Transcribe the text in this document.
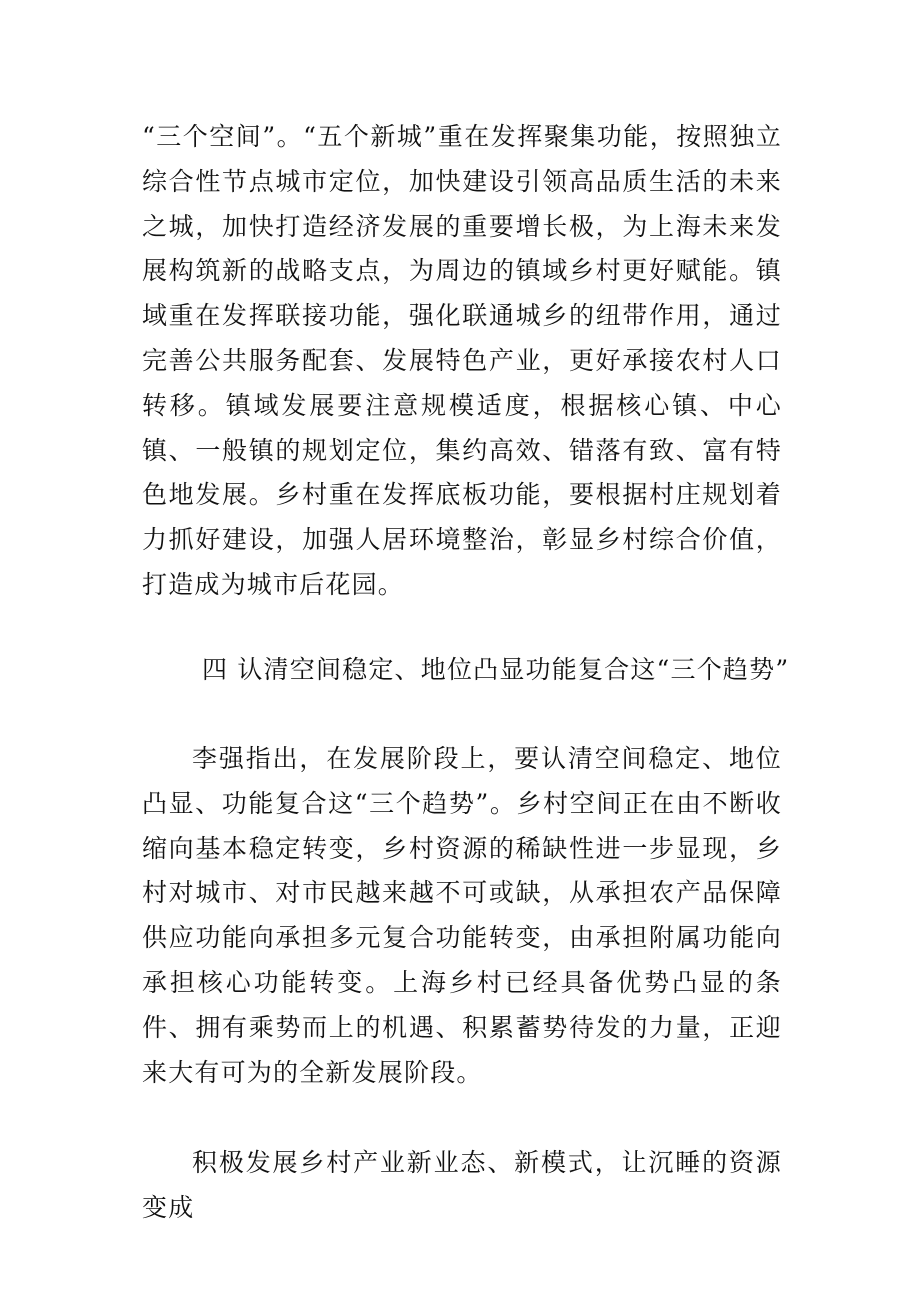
“三个空间”。“五个新城”重在发挥聚集功能，按照独立综合性节点城市定位，加快建设引领高品质生活的未来之城，加快打造经济发展的重要增长极，为上海未来发展构筑新的战略支点，为周边的镇域乡村更好赋能。镇域重在发挥联接功能，强化联通城乡的纽带作用，通过完善公共服务配套、发展特色产业，更好承接农村人口转移。镇域发展要注意规模适度，根据核心镇、中心镇、一般镇的规划定位，集约高效、错落有致、富有特色地发展。乡村重在发挥底板功能，要根据村庄规划着力抓好建设，加强人居环境整治，彰显乡村综合价值，打造成为城市后花园。

四 认清空间稳定、地位凸显功能复合这“三个趋势”

李强指出，在发展阶段上，要认清空间稳定、地位凸显、功能复合这“三个趋势”。乡村空间正在由不断收缩向基本稳定转变，乡村资源的稀缺性进一步显现，乡村对城市、对市民越来越不可或缺，从承担农产品保障供应功能向承担多元复合功能转变，由承担附属功能向承担核心功能转变。上海乡村已经具备优势凸显的条件、拥有乘势而上的机遇、积累蓄势待发的力量，正迎来大有可为的全新发展阶段。

积极发展乡村产业新业态、新模式，让沉睡的资源变成
